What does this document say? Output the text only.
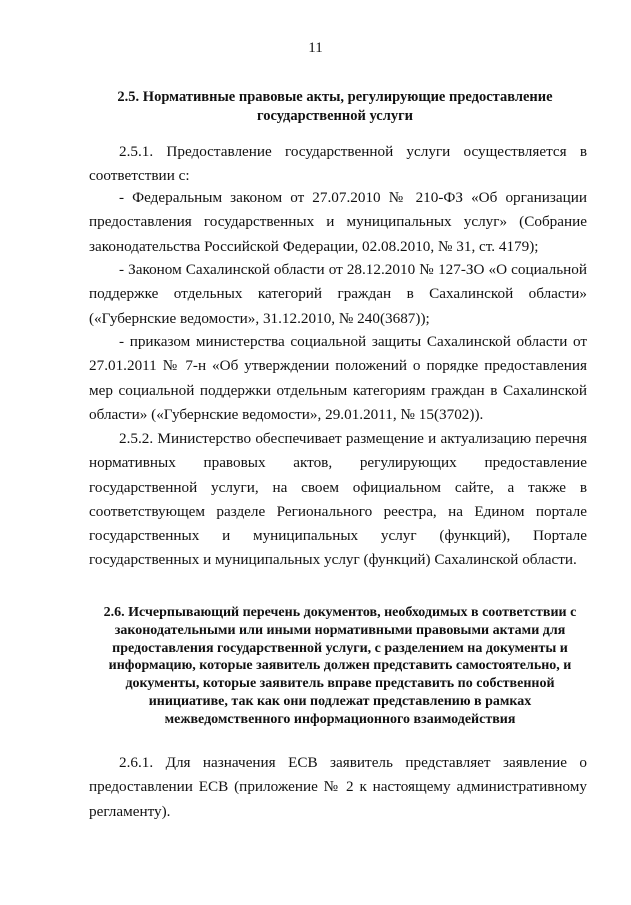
11
2.5. Нормативные правовые акты, регулирующие предоставление государственной услуги

2.5.1. Предоставление государственной услуги осуществляется в соответствии с:

- Федеральным законом от 27.07.2010 № 210-ФЗ «Об организации предоставления государственных и муниципальных услуг» (Собрание законодательства Российской Федерации, 02.08.2010, № 31, ст. 4179);

- Законом Сахалинской области от 28.12.2010 № 127-ЗО «О социальной поддержке отдельных категорий граждан в Сахалинской области» («Губернские ведомости», 31.12.2010, № 240(3687));

- приказом министерства социальной защиты Сахалинской области от 27.01.2011 № 7-н «Об утверждении положений о порядке предоставления мер социальной поддержки отдельным категориям граждан в Сахалинской области» («Губернские ведомости», 29.01.2011, № 15(3702)).

2.5.2. Министерство обеспечивает размещение и актуализацию перечня нормативных правовых актов, регулирующих предоставление государственной услуги, на своем официальном сайте, а также в соответствующем разделе Регионального реестра, на Едином портале государственных и муниципальных услуг (функций), Портале государственных и муниципальных услуг (функций) Сахалинской области.

2.6. Исчерпывающий перечень документов, необходимых в соответствии с законодательными или иными нормативными правовыми актами для предоставления государственной услуги, с разделением на документы и информацию, которые заявитель должен представить самостоятельно, и документы, которые заявитель вправе представить по собственной инициативе, так как они подлежат представлению в рамках межведомственного информационного взаимодействия

2.6.1. Для назначения ЕСВ заявитель представляет заявление о предоставлении ЕСВ (приложение № 2 к настоящему административному регламенту).
